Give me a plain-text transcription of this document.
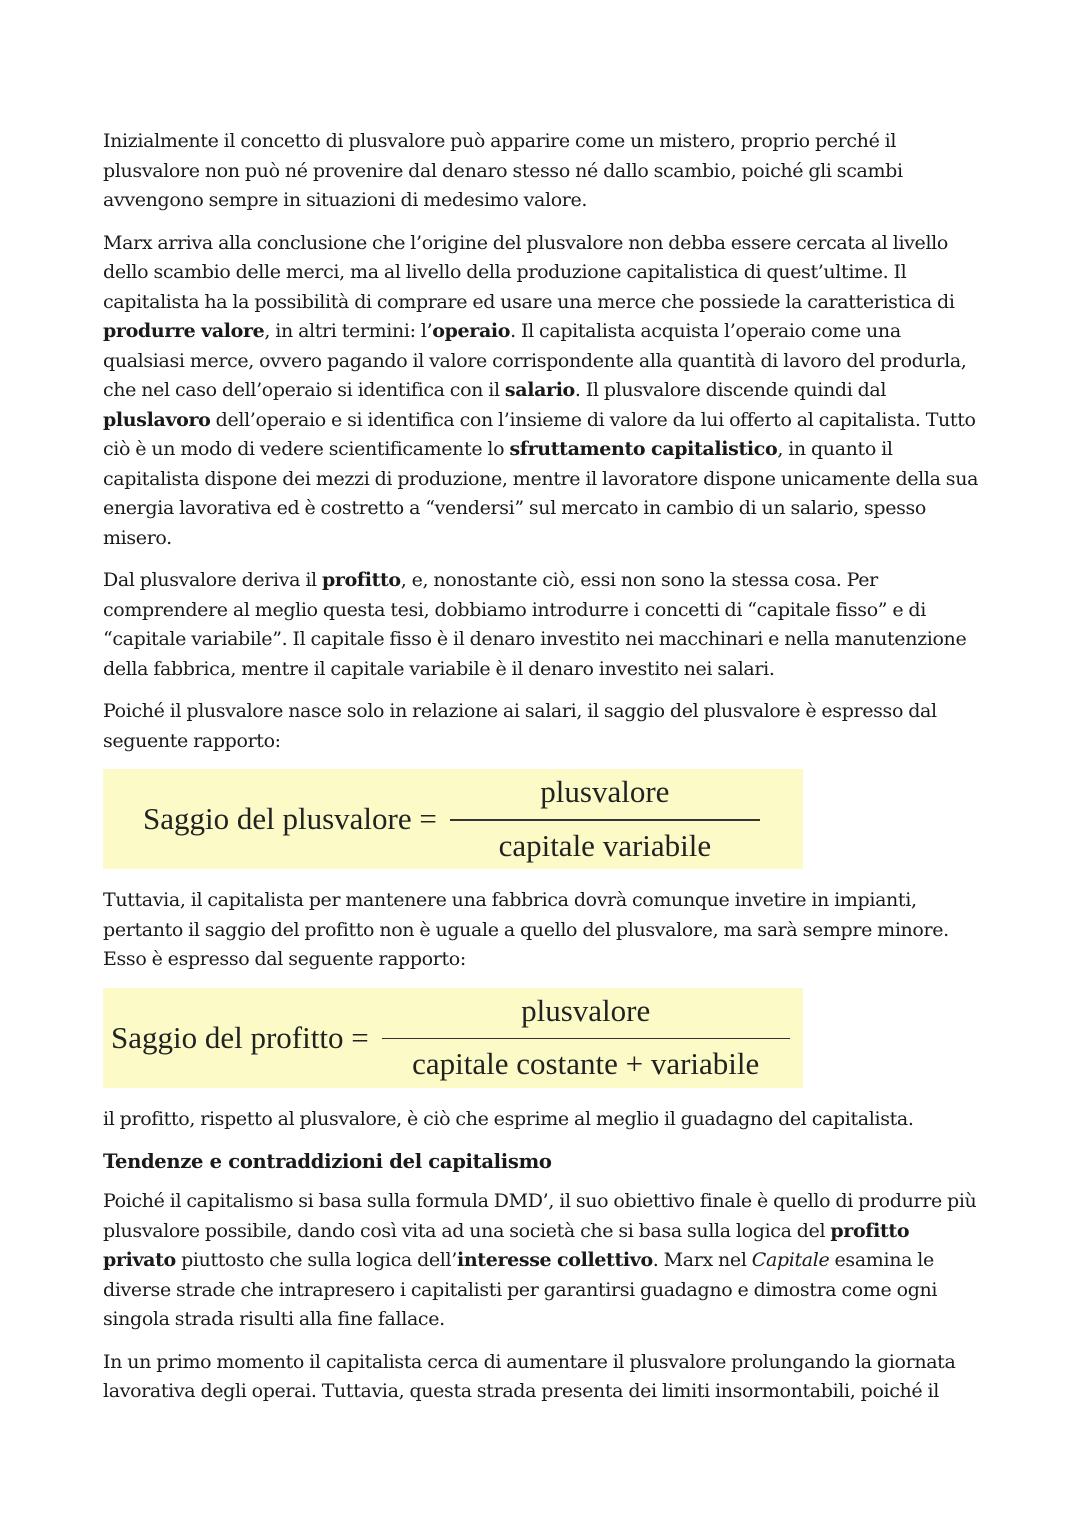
Inizialmente il concetto di plusvalore può apparire come un mistero, proprio perché il plusvalore non può né provenire dal denaro stesso né dallo scambio, poiché gli scambi avvengono sempre in situazioni di medesimo valore.

Marx arriva alla conclusione che l’origine del plusvalore non debba essere cercata al livello dello scambio delle merci, ma al livello della produzione capitalistica di quest’ultime. Il capitalista ha la possibilità di comprare ed usare una merce che possiede la caratteristica di produrre valore, in altri termini: l’operaio. Il capitalista acquista l’operaio come una qualsiasi merce, ovvero pagando il valore corrispondente alla quantità di lavoro del produrla, che nel caso dell’operaio si identifica con il salario. Il plusvalore discende quindi dal pluslavoro dell’operaio e si identifica con l’insieme di valore da lui offerto al capitalista. Tutto ciò è un modo di vedere scientificamente lo sfruttamento capitalistico, in quanto il capitalista dispone dei mezzi di produzione, mentre il lavoratore dispone unicamente della sua energia lavorativa ed è costretto a “vendersi” sul mercato in cambio di un salario, spesso misero.

Dal plusvalore deriva il profitto, e, nonostante ciò, essi non sono la stessa cosa. Per comprendere al meglio questa tesi, dobbiamo introdurre i concetti di “capitale fisso” e di “capitale variabile”. Il capitale fisso è il denaro investito nei macchinari e nella manutenzione della fabbrica, mentre il capitale variabile è il denaro investito nei salari.

Poiché il plusvalore nasce solo in relazione ai salari, il saggio del plusvalore è espresso dal seguente rapporto:

Saggio del plusvalore = $\frac{\text{plusvalore}}{\text{capitale variabile}}$

Tuttavia, il capitalista per mantenere una fabbrica dovrà comunque invetire in impianti, pertanto il saggio del profitto non è uguale a quello del plusvalore, ma sarà sempre minore. Esso è espresso dal seguente rapporto:

Saggio del profitto = $\frac{\text{plusvalore}}{\text{capitale costante + variabile}}$

il profitto, rispetto al plusvalore, è ciò che esprime al meglio il guadagno del capitalista.

Tendenze e contraddizioni del capitalismo

Poiché il capitalismo si basa sulla formula DMD’, il suo obiettivo finale è quello di produrre più plusvalore possibile, dando così vita ad una società che si basa sulla logica del profitto privato piuttosto che sulla logica dell’interesse collettivo. Marx nel Capitale esamina le diverse strade che intrapresero i capitalisti per garantirsi guadagno e dimostra come ogni singola strada risulti alla fine fallace.

In un primo momento il capitalista cerca di aumentare il plusvalore prolungando la giornata lavorativa degli operai. Tuttavia, questa strada presenta dei limiti insormontabili, poiché il
